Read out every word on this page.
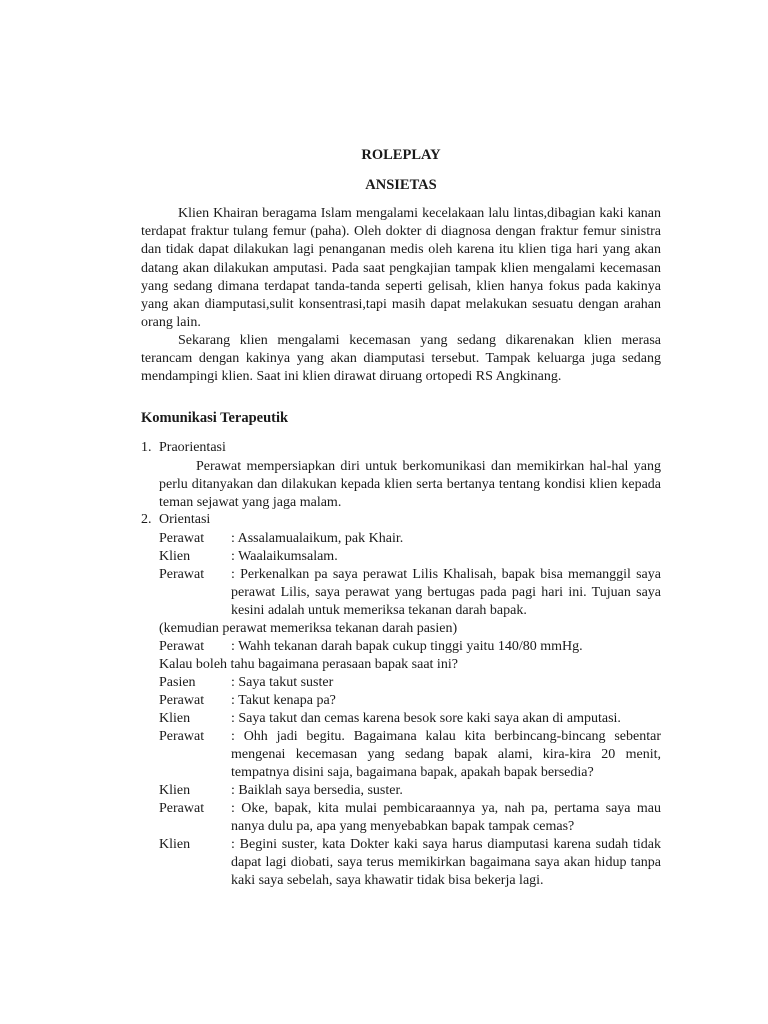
ROLEPLAY
ANSIETAS

Klien Khairan beragama Islam mengalami kecelakaan lalu lintas,dibagian kaki kanan terdapat fraktur tulang femur (paha). Oleh dokter di diagnosa dengan fraktur femur sinistra dan tidak dapat dilakukan lagi penanganan medis oleh karena itu klien tiga hari yang akan datang akan dilakukan amputasi. Pada saat pengkajian tampak klien mengalami kecemasan yang sedang dimana terdapat tanda-tanda seperti gelisah, klien hanya fokus pada kakinya yang akan diamputasi,sulit konsentrasi,tapi masih dapat melakukan sesuatu dengan arahan orang lain.

Sekarang klien mengalami kecemasan yang sedang dikarenakan klien merasa terancam dengan kakinya yang akan diamputasi tersebut. Tampak keluarga juga sedang mendampingi klien. Saat ini klien dirawat diruang ortopedi RS Angkinang.

Komunikasi Terapeutik
1. Praorientasi

Perawat mempersiapkan diri untuk berkomunikasi dan memikirkan hal-hal yang perlu ditanyakan dan dilakukan kepada klien serta bertanya tentang kondisi klien kepada teman sejawat yang jaga malam.

2. Orientasi
Perawat	: Assalamualaikum, pak Khair.

Klien	: Waalaikumsalam.

Perawat	: Perkenalkan pa saya perawat Lilis Khalisah, bapak bisa memanggil saya perawat Lilis, saya perawat yang bertugas pada pagi hari ini. Tujuan saya kesini adalah untuk memeriksa tekanan darah bapak.

(kemudian perawat memeriksa tekanan darah pasien)
Perawat	: Wahh tekanan darah bapak cukup tinggi yaitu 140/80 mmHg.

Kalau boleh tahu bagaimana perasaan bapak saat ini?
Pasien	: Saya takut suster

Perawat	: Takut kenapa pa?

Klien	: Saya takut dan cemas karena besok sore kaki saya akan di amputasi.

Perawat	: Ohh jadi begitu. Bagaimana kalau kita berbincang-bincang sebentar mengenai kecemasan yang sedang bapak alami, kira-kira 20 menit, tempatnya disini saja, bagaimana bapak, apakah bapak bersedia?

Klien	: Baiklah saya bersedia, suster.

Perawat	: Oke, bapak, kita mulai pembicaraannya ya, nah pa, pertama saya mau nanya dulu pa, apa yang menyebabkan bapak tampak cemas?

Klien	: Begini suster, kata Dokter kaki saya harus diamputasi karena sudah tidak dapat lagi diobati, saya terus memikirkan bagaimana saya akan hidup tanpa kaki saya sebelah, saya khawatir tidak bisa bekerja lagi.
